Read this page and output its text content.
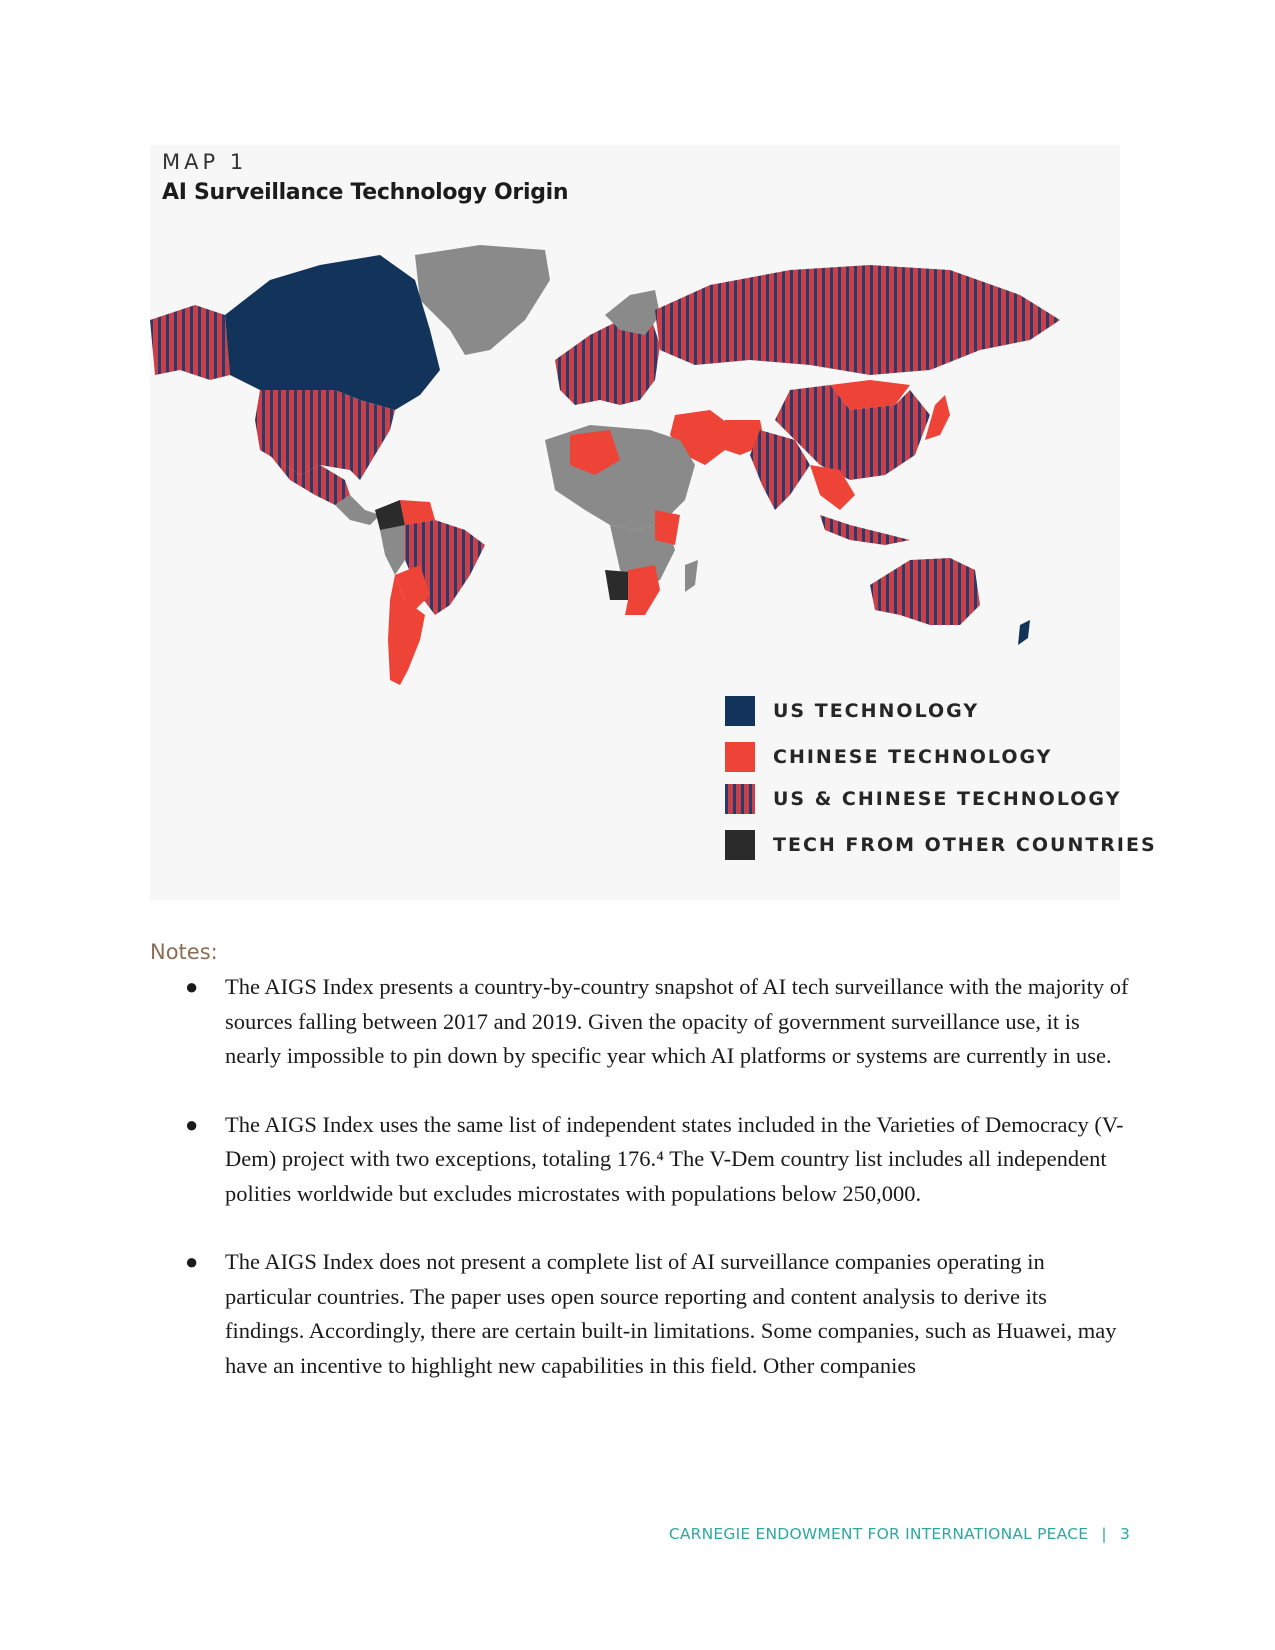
MAP 1
AI Surveillance Technology Origin
US TECHNOLOGY
CHINESE TECHNOLOGY
US & CHINESE TECHNOLOGY
TECH FROM OTHER COUNTRIES
Notes:
● The AIGS Index presents a country-by-country snapshot of AI tech surveillance with the majority of sources falling between 2017 and 2019. Given the opacity of government surveillance use, it is nearly impossible to pin down by specific year which AI platforms or systems are currently in use.
● The AIGS Index uses the same list of independent states included in the Varieties of Democracy (V-Dem) project with two exceptions, totaling 176.⁴ The V-Dem country list includes all independent polities worldwide but excludes microstates with populations below 250,000.
● The AIGS Index does not present a complete list of AI surveillance companies operating in particular countries. The paper uses open source reporting and content analysis to derive its findings. Accordingly, there are certain built-in limitations. Some companies, such as Huawei, may have an incentive to highlight new capabilities in this field. Other companies
CARNEGIE ENDOWMENT FOR INTERNATIONAL PEACE | 3
